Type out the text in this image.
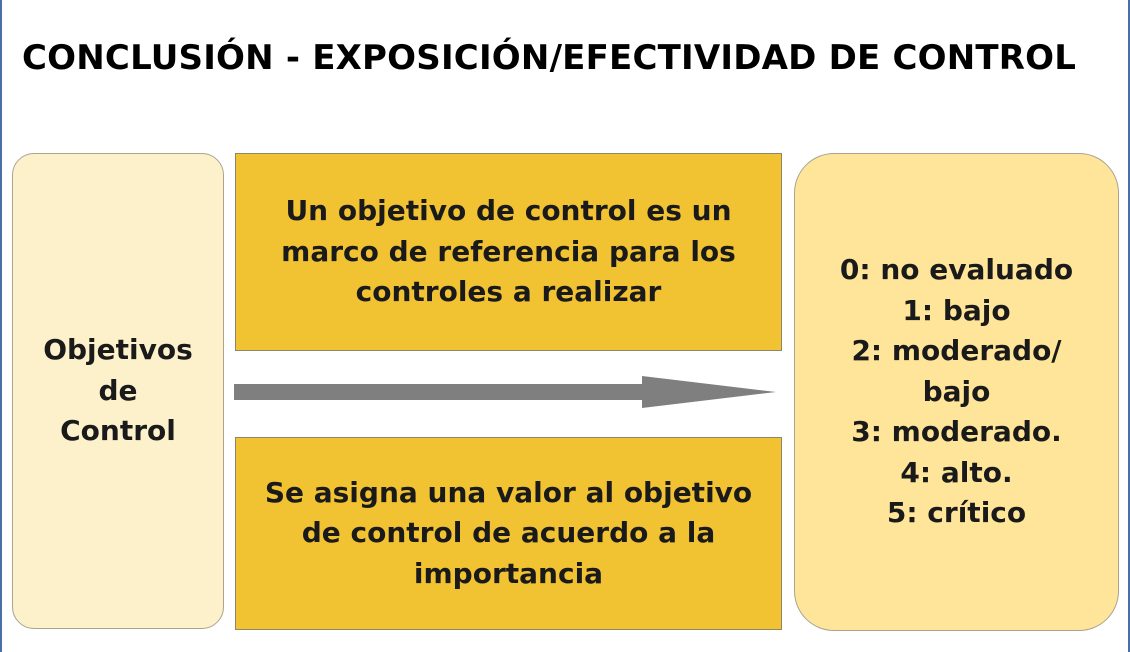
CONCLUSIÓN - EXPOSICIÓN/EFECTIVIDAD DE CONTROL
Objetivos
de
Control
Un objetivo de control es un marco de referencia para los controles a realizar
Se asigna una valor al objetivo de control de acuerdo a la importancia
0: no evaluado
1: bajo
2: moderado/ bajo
3: moderado.
4: alto.
5: crítico
